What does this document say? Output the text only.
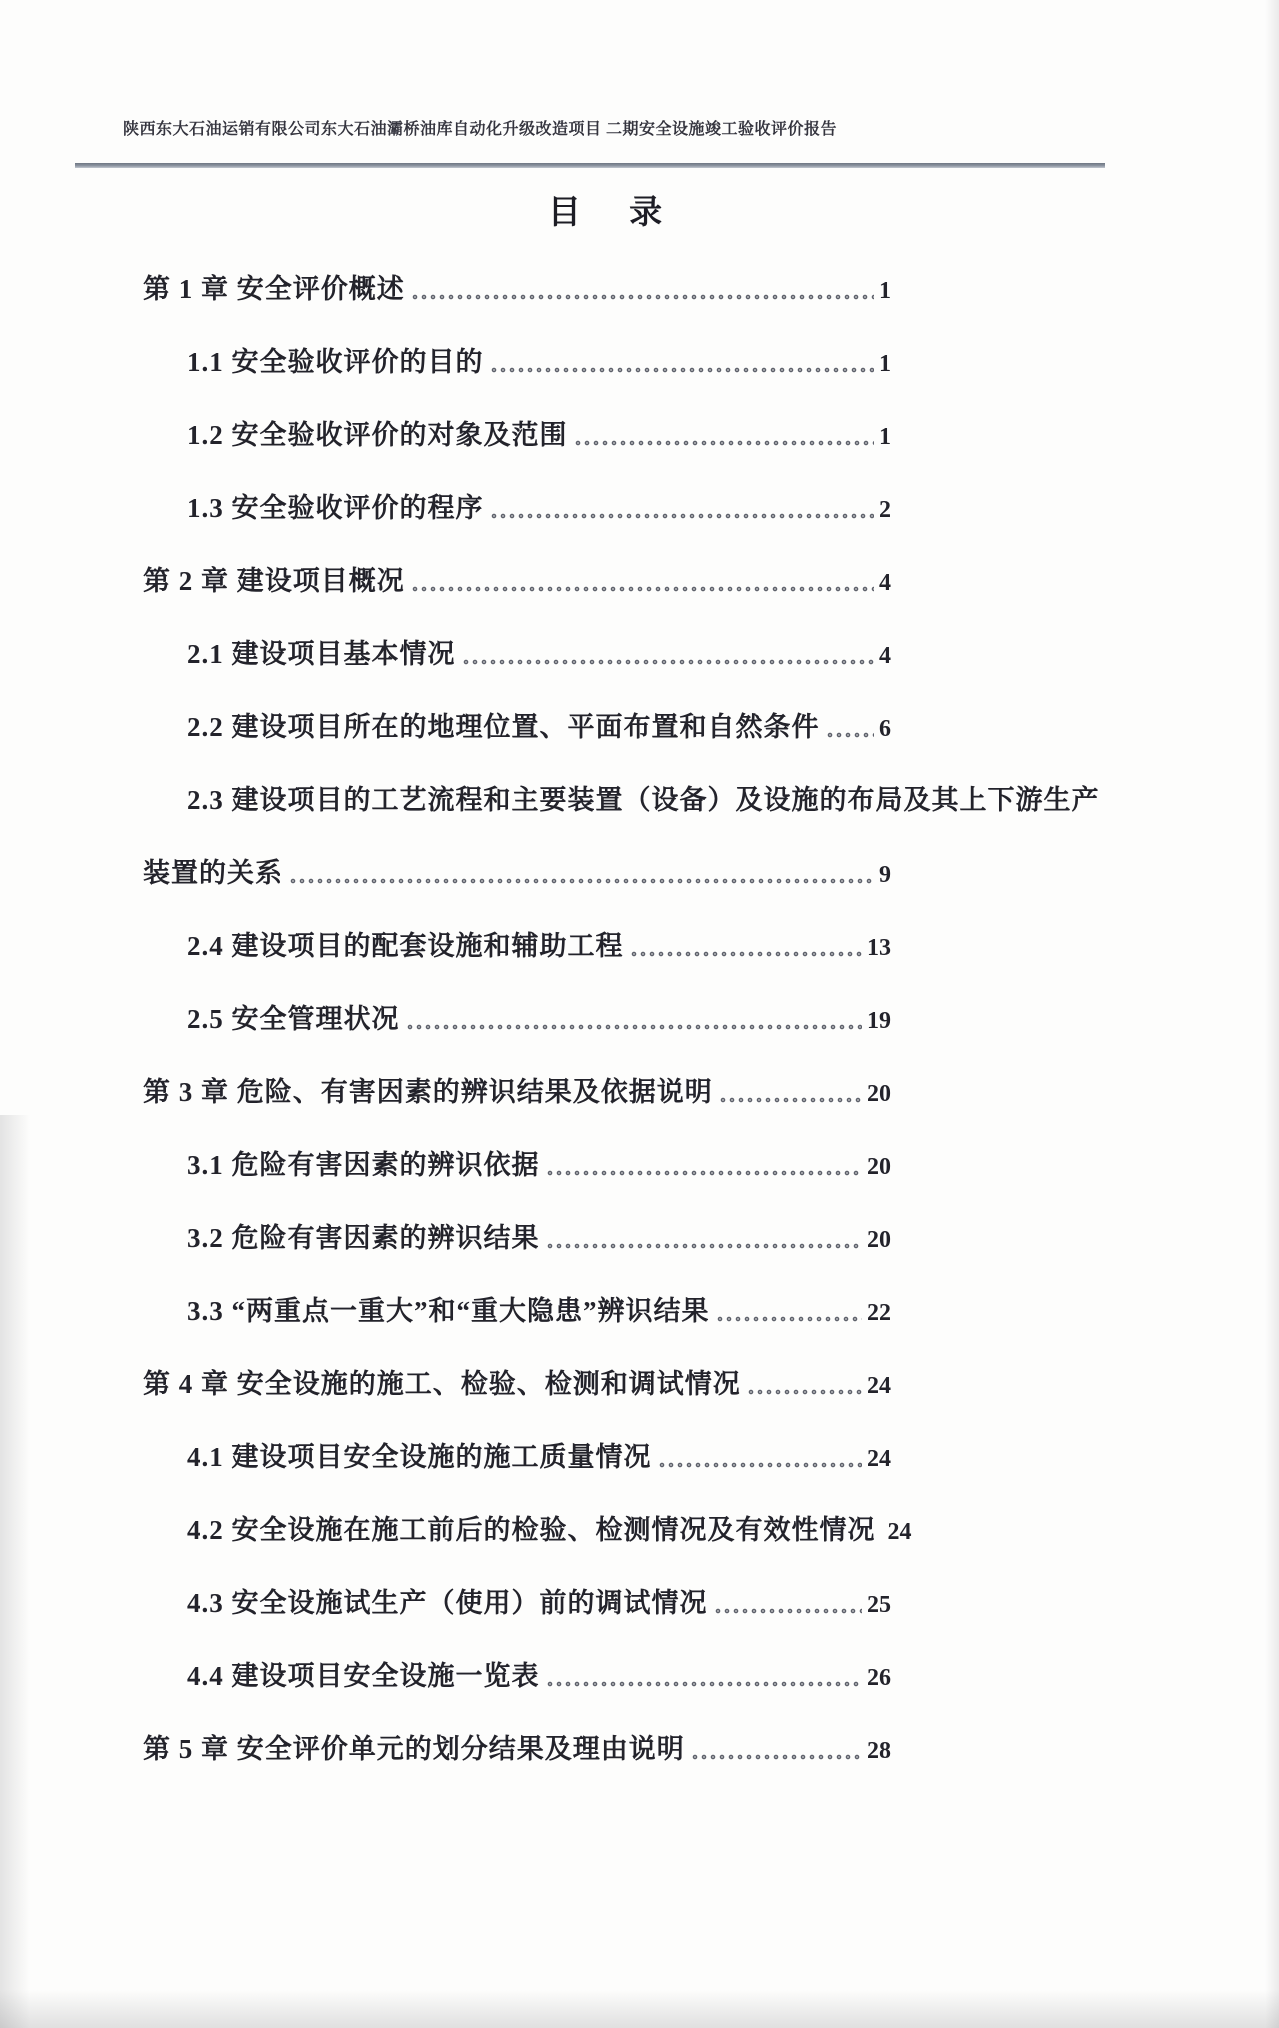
陕西东大石油运销有限公司东大石油灞桥油库自动化升级改造项目 二期安全设施竣工验收评价报告
目 录
第 1 章 安全评价概述	1
1.1 安全验收评价的目的	1
1.2 安全验收评价的对象及范围	1
1.3 安全验收评价的程序	2
第 2 章 建设项目概况	4
2.1 建设项目基本情况	4
2.2 建设项目所在的地理位置、平面布置和自然条件 6
2.3 建设项目的工艺流程和主要装置（设备）及设施的布局及其上下游生产
装置的关系	9
2.4 建设项目的配套设施和辅助工程	13
2.5 安全管理状况	19
第 3 章 危险、有害因素的辨识结果及依据说明	20
3.1 危险有害因素的辨识依据	20
3.2 危险有害因素的辨识结果	20
3.3 “两重点一重大”和“重大隐患”辨识结果	22
第 4 章 安全设施的施工、检验、检测和调试情况	24
4.1 建设项目安全设施的施工质量情况	24
4.2 安全设施在施工前后的检验、检测情况及有效性情况 24
4.3 安全设施试生产（使用）前的调试情况	25
4.4 建设项目安全设施一览表	26
第 5 章 安全评价单元的划分结果及理由说明	28
